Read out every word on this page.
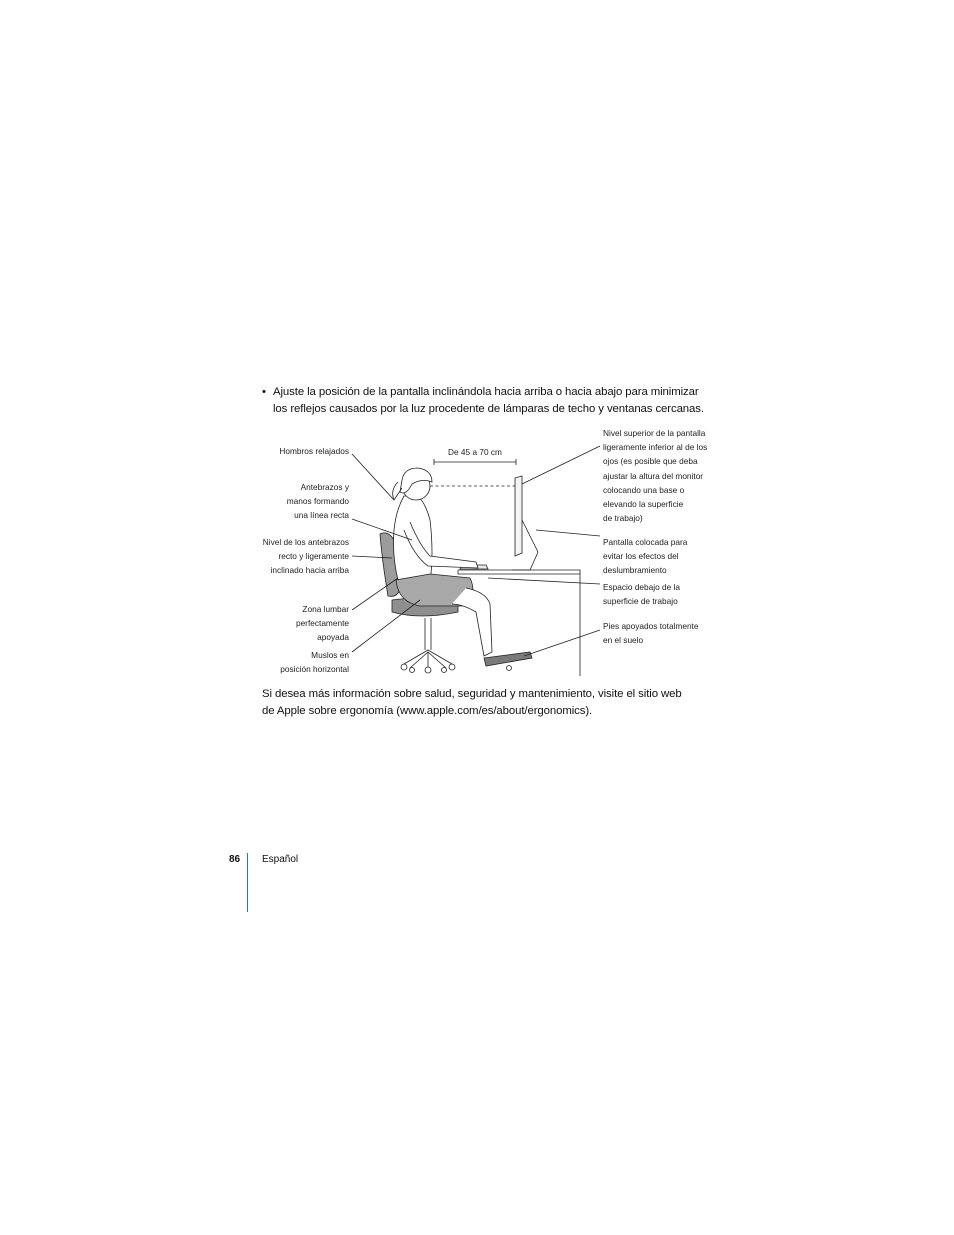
• Ajuste la posición de la pantalla inclinándola hacia arriba o hacia abajo para minimizar
los reflejos causados por la luz procedente de lámparas de techo y ventanas cercanas.
De 45 a 70 cm
Hombros relajados
Antebrazos y
manos formando
una línea recta
Nivel de los antebrazos
recto y ligeramente
inclinado hacia arriba
Zona lumbar
perfectamente
apoyada
Muslos en
posición horizontal
Nivel superior de la pantalla
ligeramente inferior al de los
ojos (es posible que deba
ajustar la altura del monitor
colocando una base o
elevando la superficie
de trabajo)
Pantalla colocada para
evitar los efectos del
deslumbramiento
Espacio debajo de la
superficie de trabajo
Pies apoyados totalmente
en el suelo
Si desea más información sobre salud, seguridad y mantenimiento, visite el sitio web
de Apple sobre ergonomía (www.apple.com/es/about/ergonomics).
86 Español
